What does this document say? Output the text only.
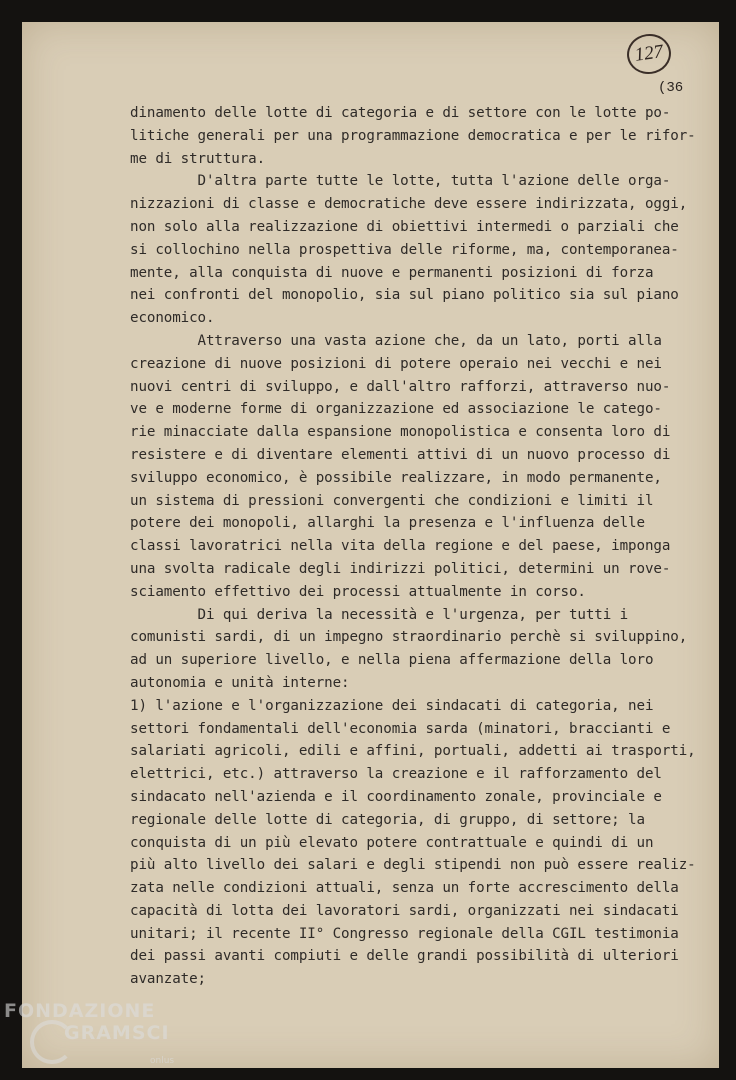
127
(36
dinamento delle lotte di categoria e di settore con le lotte po-
litiche generali per una programmazione democratica e per le rifor-
me di struttura.
D'altra parte tutte le lotte, tutta l'azione delle orga-
nizzazioni di classe e democratiche deve essere indirizzata, oggi,
non solo alla realizzazione di obiettivi intermedi o parziali che
si collochino nella prospettiva delle riforme, ma, contemporanea-
mente, alla conquista di nuove e permanenti posizioni di forza
nei confronti del monopolio, sia sul piano politico sia sul piano
economico.
Attraverso una vasta azione che, da un lato, porti alla
creazione di nuove posizioni di potere operaio nei vecchi e nei
nuovi centri di sviluppo, e dall'altro rafforzi, attraverso nuo-
ve e moderne forme di organizzazione ed associazione le catego-
rie minacciate dalla espansione monopolistica e consenta loro di
resistere e di diventare elementi attivi di un nuovo processo di
sviluppo economico, è possibile realizzare, in modo permanente,
un sistema di pressioni convergenti che condizioni e limiti il
potere dei monopoli, allarghi la presenza e l'influenza delle
classi lavoratrici nella vita della regione e del paese, imponga
una svolta radicale degli indirizzi politici, determini un rove-
sciamento effettivo dei processi attualmente in corso.
Di qui deriva la necessità e l'urgenza, per tutti i
comunisti sardi, di un impegno straordinario perchè si sviluppino,
ad un superiore livello, e nella piena affermazione della loro
autonomia e unità interne:
1) l'azione e l'organizzazione dei sindacati di categoria, nei
settori fondamentali dell'economia sarda (minatori, braccianti e
salariati agricoli, edili e affini, portuali, addetti ai trasporti,
elettrici, etc.) attraverso la creazione e il rafforzamento del
sindacato nell'azienda e il coordinamento zonale, provinciale e
regionale delle lotte di categoria, di gruppo, di settore; la
conquista di un più elevato potere contrattuale e quindi di un
più alto livello dei salari e degli stipendi non può essere realiz-
zata nelle condizioni attuali, senza un forte accrescimento della
capacità di lotta dei lavoratori sardi, organizzati nei sindacati
unitari; il recente II° Congresso regionale della CGIL testimonia
dei passi avanti compiuti e delle grandi possibilità di ulteriori
avanzate;
FONDAZIONE
GRAMSCI
onlus
